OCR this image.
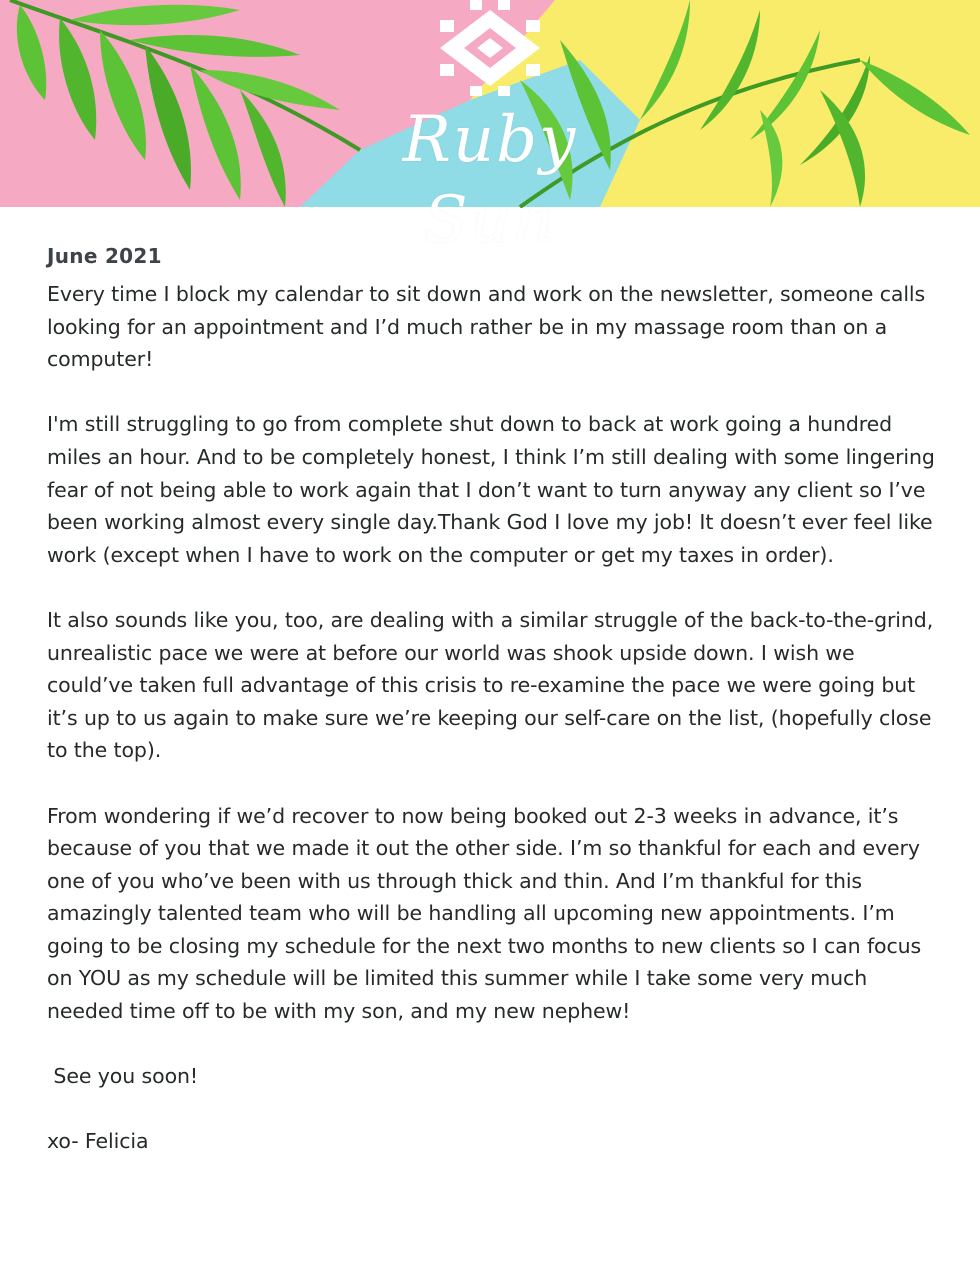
Ruby Sun
June 2021
Every time I block my calendar to sit down and work on the newsletter, someone calls looking for an appointment and I’d much rather be in my massage room than on a computer!
I'm still struggling to go from complete shut down to back at work going a hundred miles an hour. And to be completely honest, I think I’m still dealing with some lingering fear of not being able to work again that I don’t want to turn anyway any client so I’ve been working almost every single day.Thank God I love my job! It doesn’t ever feel like work (except when I have to work on the computer or get my taxes in order).
It also sounds like you, too, are dealing with a similar struggle of the back-to-the-grind, unrealistic pace we were at before our world was shook upside down. I wish we could’ve taken full advantage of this crisis to re-examine the pace we were going but it’s up to us again to make sure we’re keeping our self-care on the list, (hopefully close to the top).
From wondering if we’d recover to now being booked out 2-3 weeks in advance, it’s because of you that we made it out the other side. I’m so thankful for each and every one of you who’ve been with us through thick and thin. And I’m thankful for this amazingly talented team who will be handling all upcoming new appointments. I’m going to be closing my schedule for the next two months to new clients so I can focus on YOU as my schedule will be limited this summer while I take some very much needed time off to be with my son, and my new nephew!
See you soon!
xo- Felicia
